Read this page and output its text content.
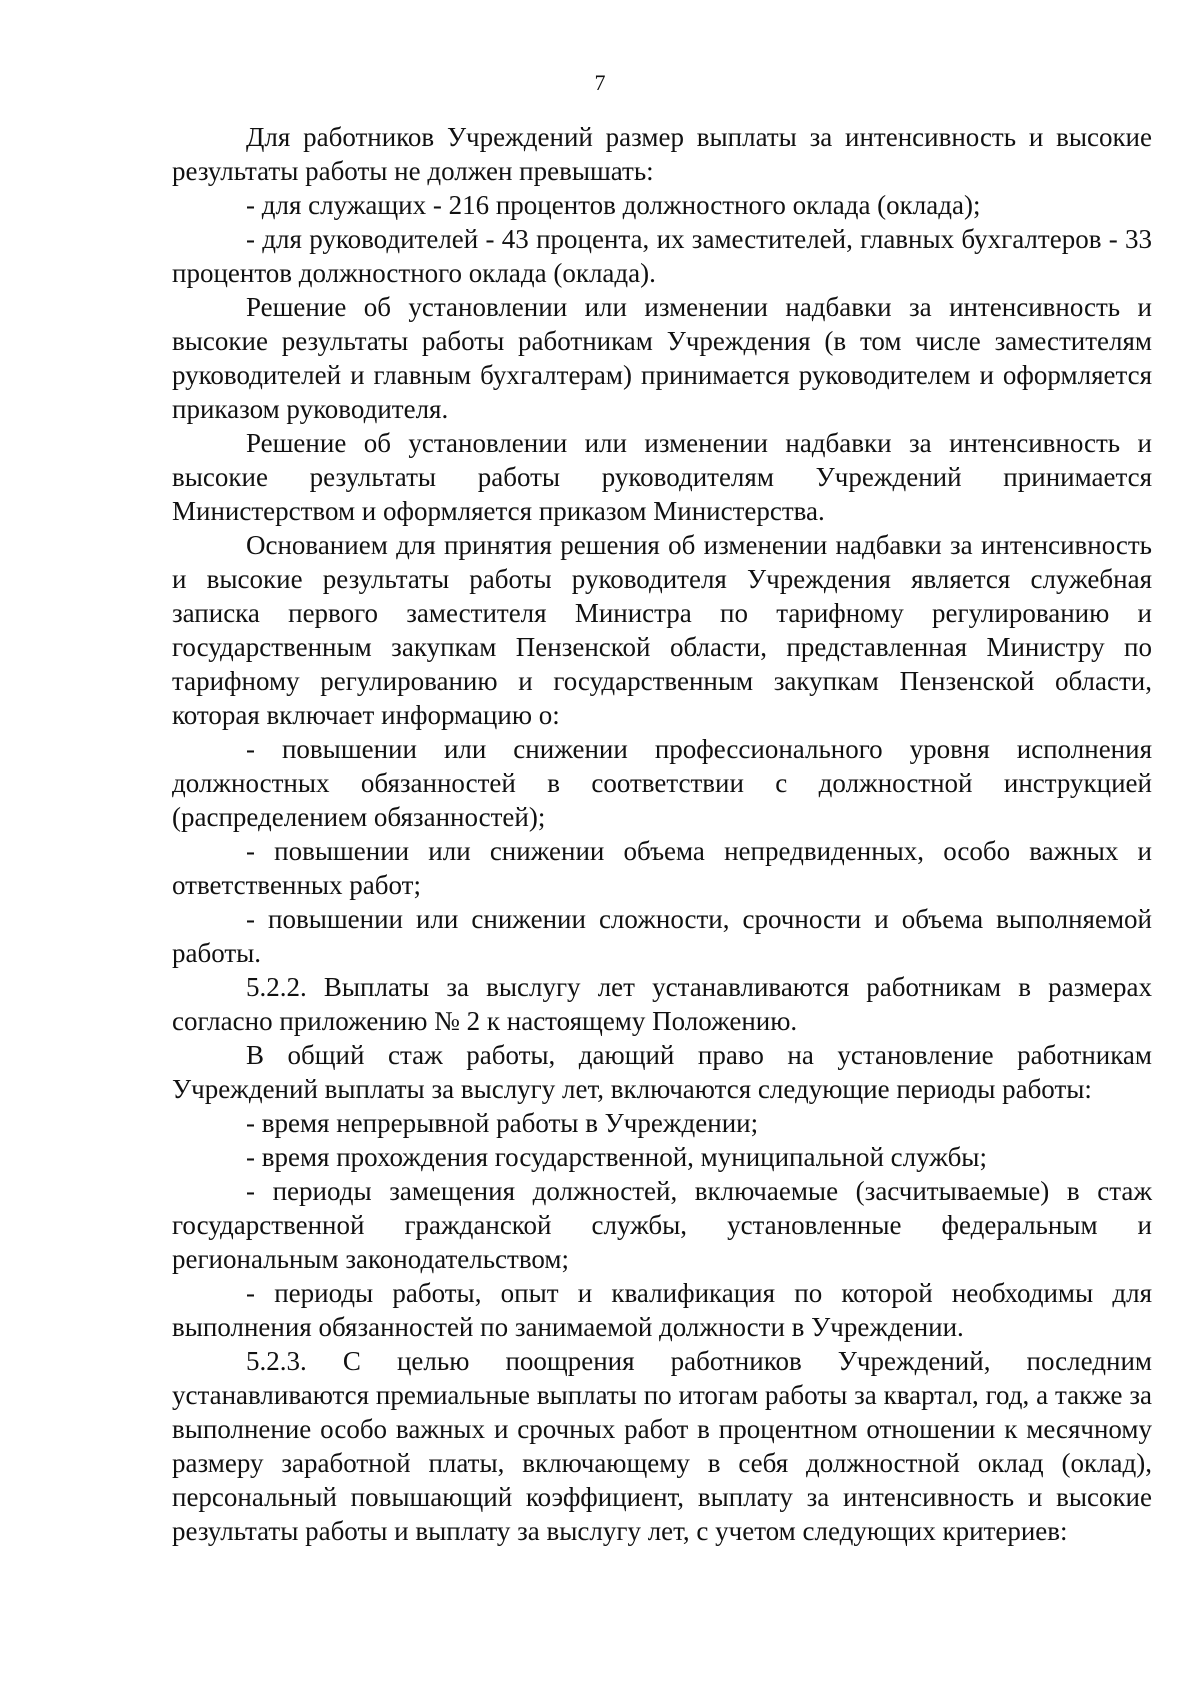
7

Для работников Учреждений размер выплаты за интенсивность и высокие результаты работы не должен превышать:

- для служащих - 216 процентов должностного оклада (оклада);

- для руководителей - 43 процента, их заместителей, главных бухгалтеров - 33 процентов должностного оклада (оклада).

Решение об установлении или изменении надбавки за интенсивность и высокие результаты работы работникам Учреждения (в том числе заместителям руководителей и главным бухгалтерам) принимается руководителем и оформляется приказом руководителя.

Решение об установлении или изменении надбавки за интенсивность и высокие результаты работы руководителям Учреждений принимается Министерством и оформляется приказом Министерства.

Основанием для принятия решения об изменении надбавки за интенсивность и высокие результаты работы руководителя Учреждения является служебная записка первого заместителя Министра по тарифному регулированию и государственным закупкам Пензенской области, представленная Министру по тарифному регулированию и государственным закупкам Пензенской области, которая включает информацию о:

- повышении или снижении профессионального уровня исполнения должностных обязанностей в соответствии с должностной инструкцией (распределением обязанностей);

- повышении или снижении объема непредвиденных, особо важных и ответственных работ;

- повышении или снижении сложности, срочности и объема выполняемой работы.

5.2.2. Выплаты за выслугу лет устанавливаются работникам в размерах согласно приложению № 2 к настоящему Положению.

В общий стаж работы, дающий право на установление работникам Учреждений выплаты за выслугу лет, включаются следующие периоды работы:

- время непрерывной работы в Учреждении;

- время прохождения государственной, муниципальной службы;

- периоды замещения должностей, включаемые (засчитываемые) в стаж государственной гражданской службы, установленные федеральным и региональным законодательством;

- периоды работы, опыт и квалификация по которой необходимы для выполнения обязанностей по занимаемой должности в Учреждении.

5.2.3. С целью поощрения работников Учреждений, последним устанавливаются премиальные выплаты по итогам работы за квартал, год, а также за выполнение особо важных и срочных работ в процентном отношении к месячному размеру заработной платы, включающему в себя должностной оклад (оклад), персональный повышающий коэффициент, выплату за интенсивность и высокие результаты работы и выплату за выслугу лет, с учетом следующих критериев:
